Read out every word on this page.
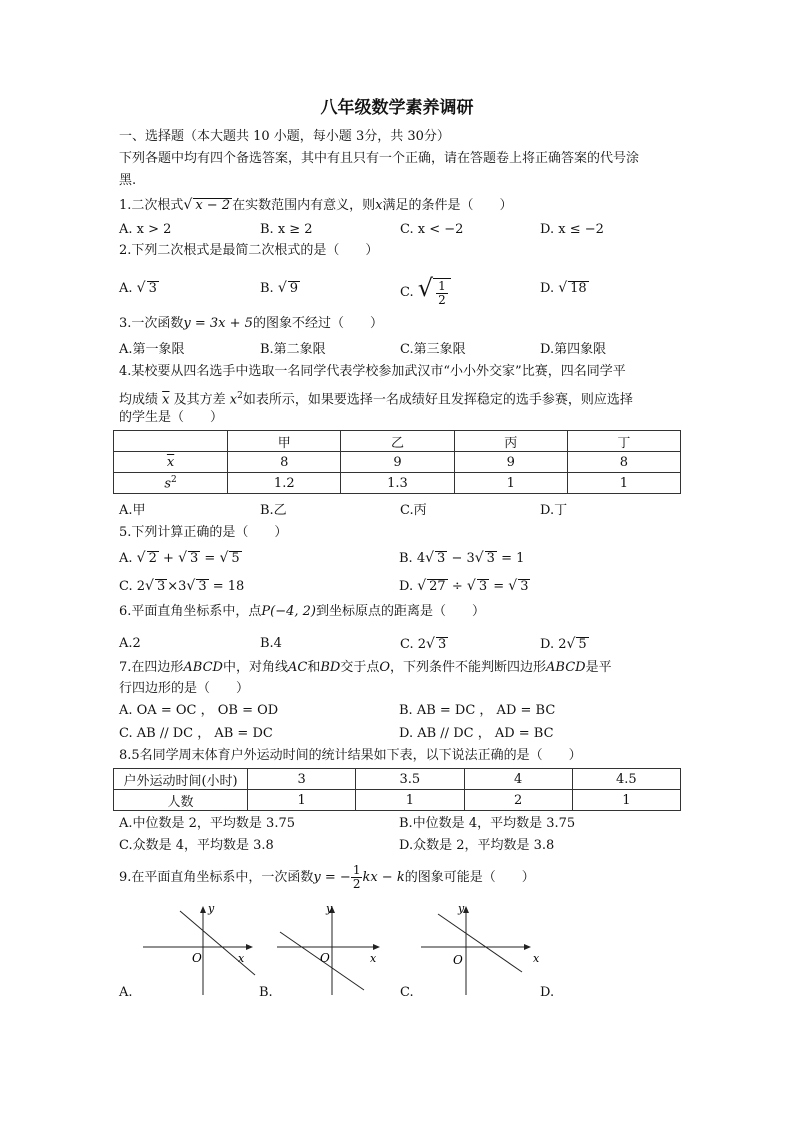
八年级数学素养调研
一、选择题（本大题共 10 小题，每小题 3分，共 30分）
下列各题中均有四个备选答案，其中有且只有一个正确，请在答题卷上将正确答案的代号涂
黑.
1.二次根式√ x − 2 在实数范围内有意义，则x满足的条件是（　　）
A. x > 2	B. x ≥ 2	C. x < −2	D. x ≤ −2
2.下列二次根式是最简二次根式的是（　　）
A. √ 3	B. √ 9	C. √ $\frac{1}{2}$	D. √ 18
3.一次函数y = 3x + 5的图象不经过（　　）
A.第一象限	B.第二象限	C.第三象限	D.第四象限
4.某校要从四名选手中选取一名同学代表学校参加武汉市“小小外交家”比赛，四名同学平
均成绩 $\overline{x}$ 及其方差 $x^2$如表所示，如果要选择一名成绩好且发挥稳定的选手参赛，则应选择
的学生是（　　）
	甲	乙	丙	丁
$\overline{x}$	8	9	9	8
$s^2$	1.2	1.3	1	1
A.甲	B.乙	C.丙	D.丁
5.下列计算正确的是（　　）
A. √ 2 + √ 3 = √ 5	B. 4√ 3 − 3√ 3 = 1
C. 2√ 3 ×3√ 3 = 18	D. √ 27 ÷ √ 3 = √ 3
6.平面直角坐标系中，点P(−4, 2)到坐标原点的距离是（　　）
A.2	B.4	C. 2√ 3	D. 2√ 5
7.在四边形ABCD中，对角线AC和BD交于点O，下列条件不能判断四边形ABCD是平
行四边形的是（　　）
A. OA = OC ， OB = OD	B. AB = DC ， AD = BC
C. AB // DC ， AB = DC	D. AB // DC ， AD = BC
8.5名同学周末体育户外运动时间的统计结果如下表，以下说法正确的是（　　）
户外运动时间(小时)	3	3.5	4	4.5
人数	1	1	2	1
A.中位数是 2，平均数是 3.75	B.中位数是 4，平均数是 3.75
C.众数是 4，平均数是 3.8	D.众数是 2，平均数是 3.8
9.在平面直角坐标系中，一次函数y = − $\frac{1}{2}$ kx − k的图象可能是（　　）
x
y
O	x
y
O	x
y
O
A.	B.	C.	D.
